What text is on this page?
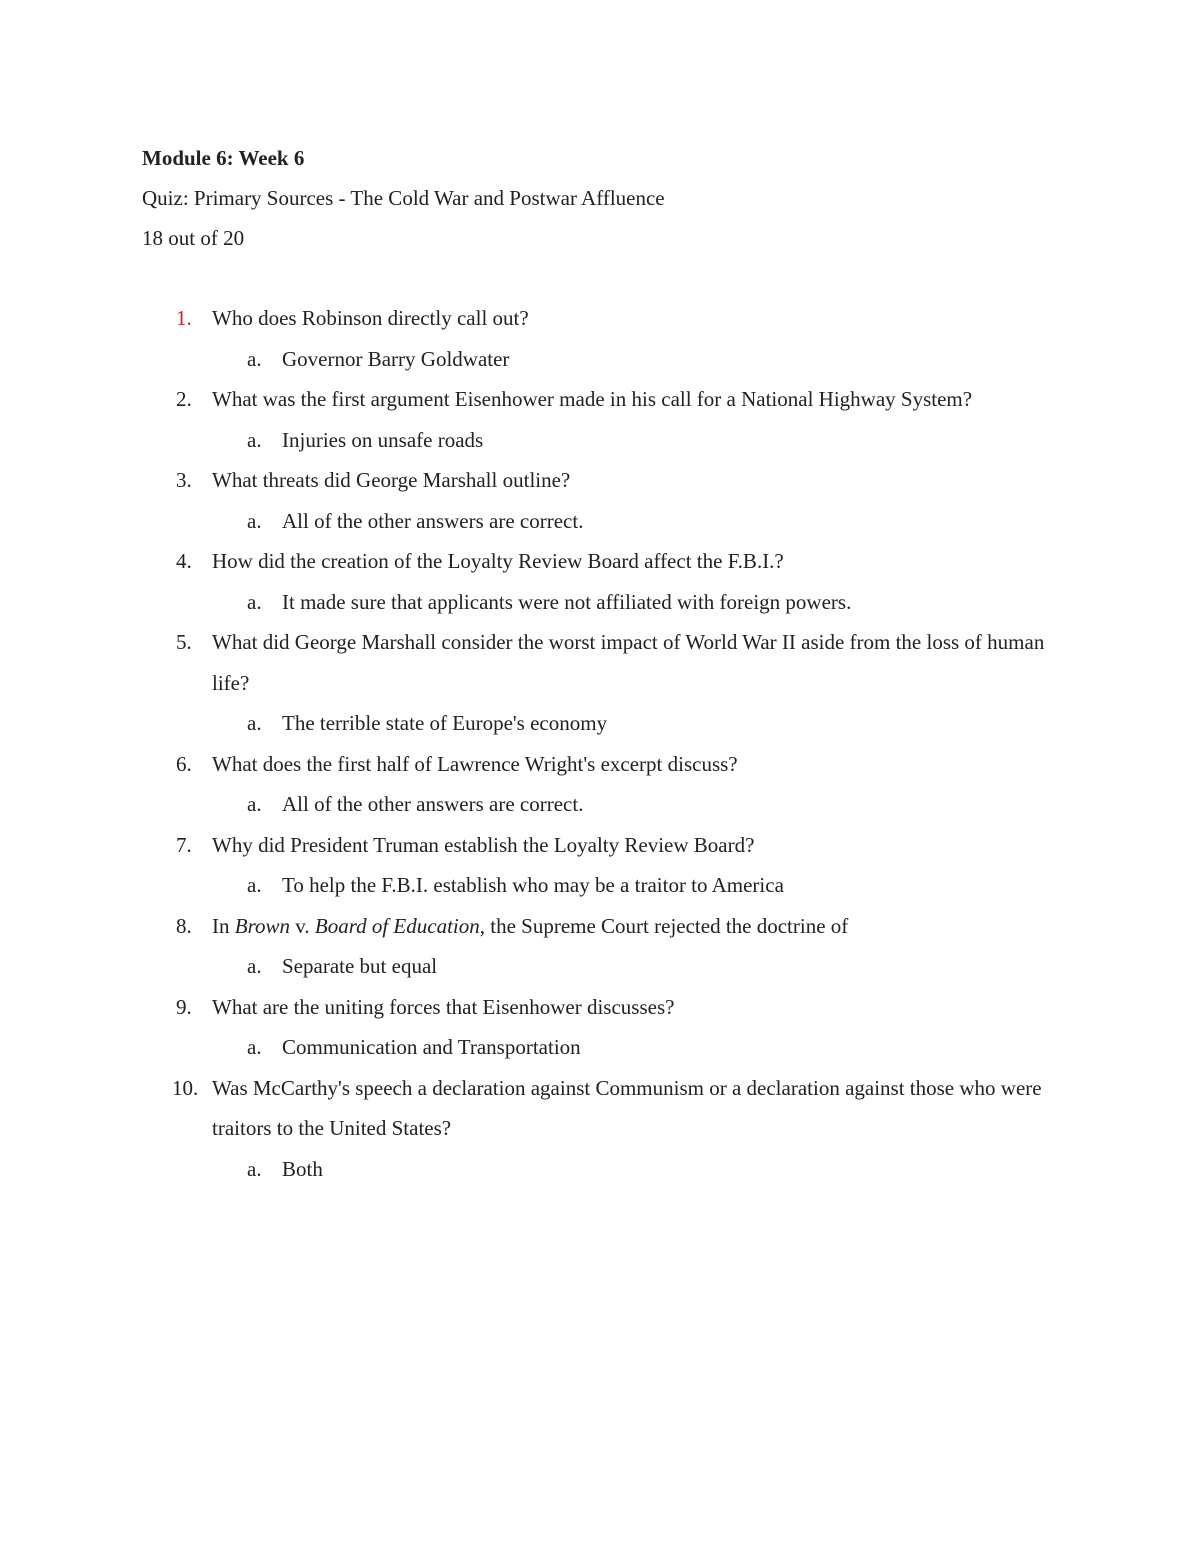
Module 6: Week 6
Quiz: Primary Sources - The Cold War and Postwar Affluence
18 out of 20
1. Who does Robinson directly call out?
a. Governor Barry Goldwater
2. What was the first argument Eisenhower made in his call for a National Highway System?
a. Injuries on unsafe roads
3. What threats did George Marshall outline?
a. All of the other answers are correct.
4. How did the creation of the Loyalty Review Board affect the F.B.I.?
a. It made sure that applicants were not affiliated with foreign powers.
5. What did George Marshall consider the worst impact of World War II aside from the loss of human life?
a. The terrible state of Europe's economy
6. What does the first half of Lawrence Wright's excerpt discuss?
a. All of the other answers are correct.
7. Why did President Truman establish the Loyalty Review Board?
a. To help the F.B.I. establish who may be a traitor to America
8. In Brown v. Board of Education, the Supreme Court rejected the doctrine of
a. Separate but equal
9. What are the uniting forces that Eisenhower discusses?
a. Communication and Transportation
10. Was McCarthy's speech a declaration against Communism or a declaration against those who were traitors to the United States?
a. Both
